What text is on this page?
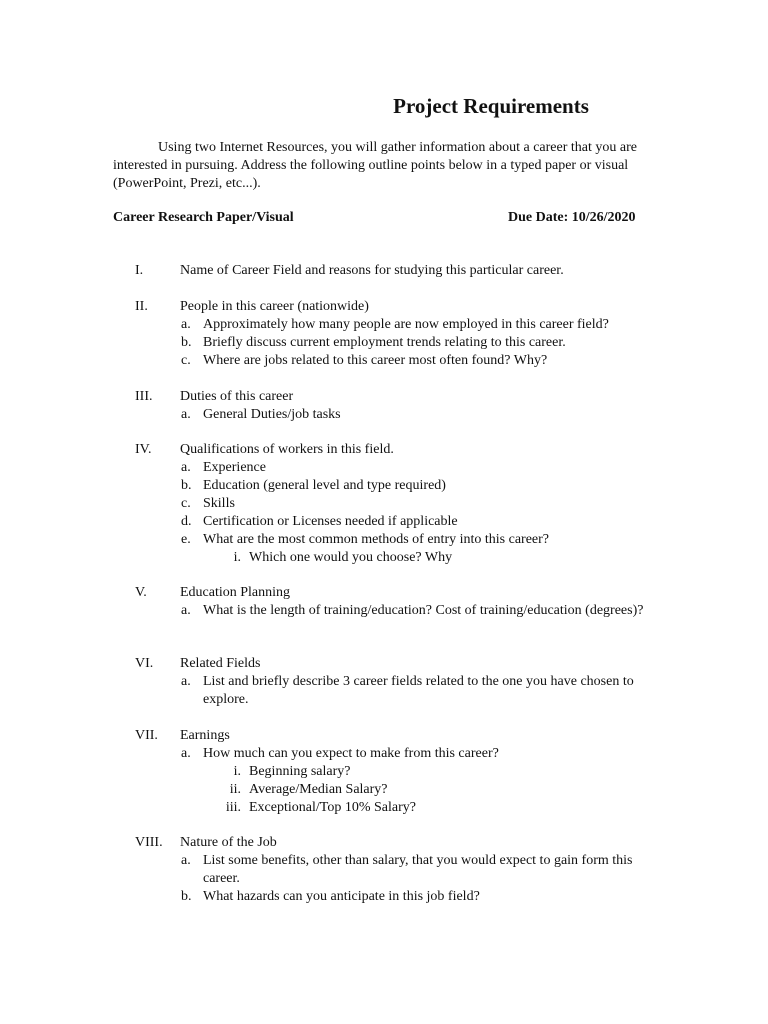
Project Requirements

Using two Internet Resources, you will gather information about a career that you are interested in pursuing. Address the following outline points below in a typed paper or visual (PowerPoint, Prezi, etc...).

Career Research Paper/Visual	Due Date: 10/26/2020
I.	Name of Career Field and reasons for studying this particular career.
II. People in this career (nationwide)
a. Approximately how many people are now employed in this career field?
b. Briefly discuss current employment trends relating to this career.
c. Where are jobs related to this career most often found? Why?
III. Duties of this career
a. General Duties/job tasks
IV. Qualifications of workers in this field.
a. Experience
b. Education (general level and type required)
c. Skills
d. Certification or Licenses needed if applicable
e. What are the most common methods of entry into this career?
i. Which one would you choose? Why
V. Education Planning
a. What is the length of training/education? Cost of training/education (degrees)?
VI. Related Fields
a. List and briefly describe 3 career fields related to the one you have chosen to explore.
VII. Earnings
a. How much can you expect to make from this career?
i. Beginning salary?
ii. Average/Median Salary?
iii. Exceptional/Top 10% Salary?
VIII. Nature of the Job
a. List some benefits, other than salary, that you would expect to gain form this career.
b. What hazards can you anticipate in this job field?
